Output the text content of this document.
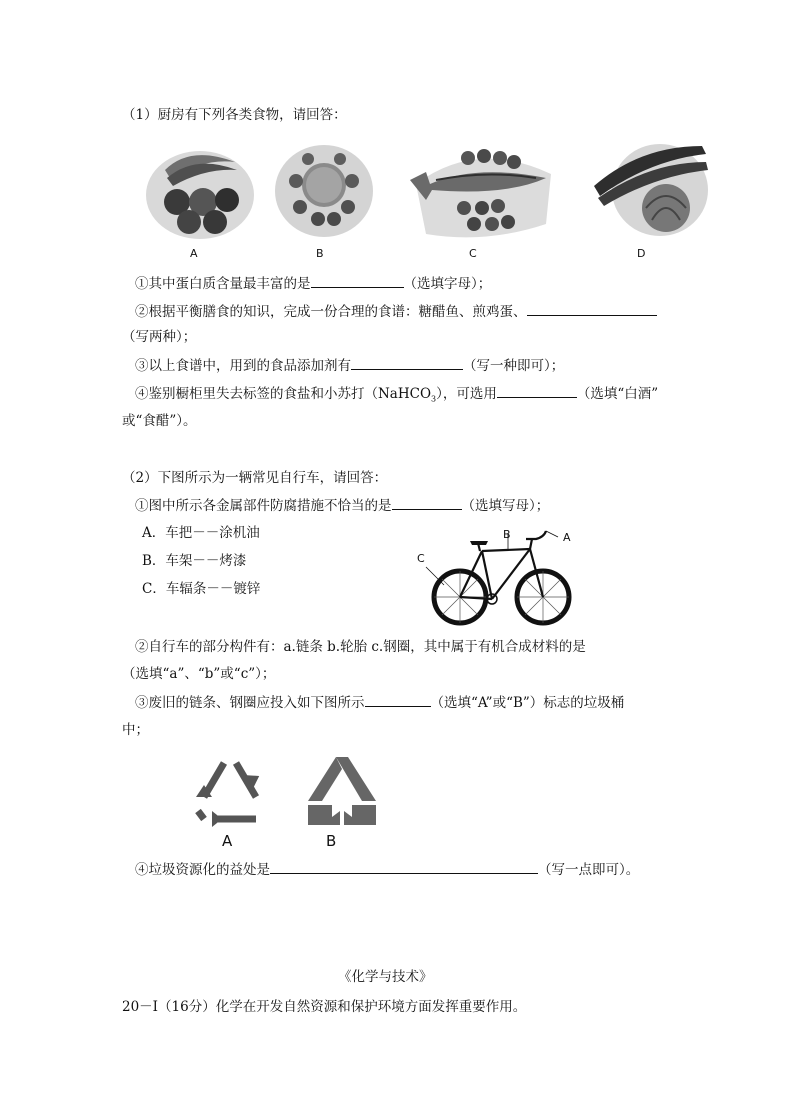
（1）厨房有下列各类食物，请回答：
A	B	C	D
①其中蛋白质含量最丰富的是	（选填字母）；
②根据平衡膳食的知识，完成一份合理的食谱：糖醋鱼、煎鸡蛋、
（写两种）；
③以上食谱中，用到的食品添加剂有	（写一种即可）；
④鉴别橱柜里失去标签的食盐和小苏打（NaHCO$_3$），可选用	（选填“白酒”
或“食醋”）。
（2）下图所示为一辆常见自行车，请回答：
①图中所示各金属部件防腐措施不恰当的是	（选填写母）；
A．车把－－涂机油
B．车架－－烤漆
C．车辐条－－镀锌
B	A
C
②自行车的部分构件有：a.链条 b.轮胎 c.钢圈，其中属于有机合成材料的是
（选填“a”、“b”或“c”）；
③废旧的链条、钢圈应投入如下图所示	（选填“A”或“B”）标志的垃圾桶
中；
A	B
④垃圾资源化的益处是	（写一点即可）。
《化学与技术》
20－Ⅰ（16分）化学在开发自然资源和保护环境方面发挥重要作用。
